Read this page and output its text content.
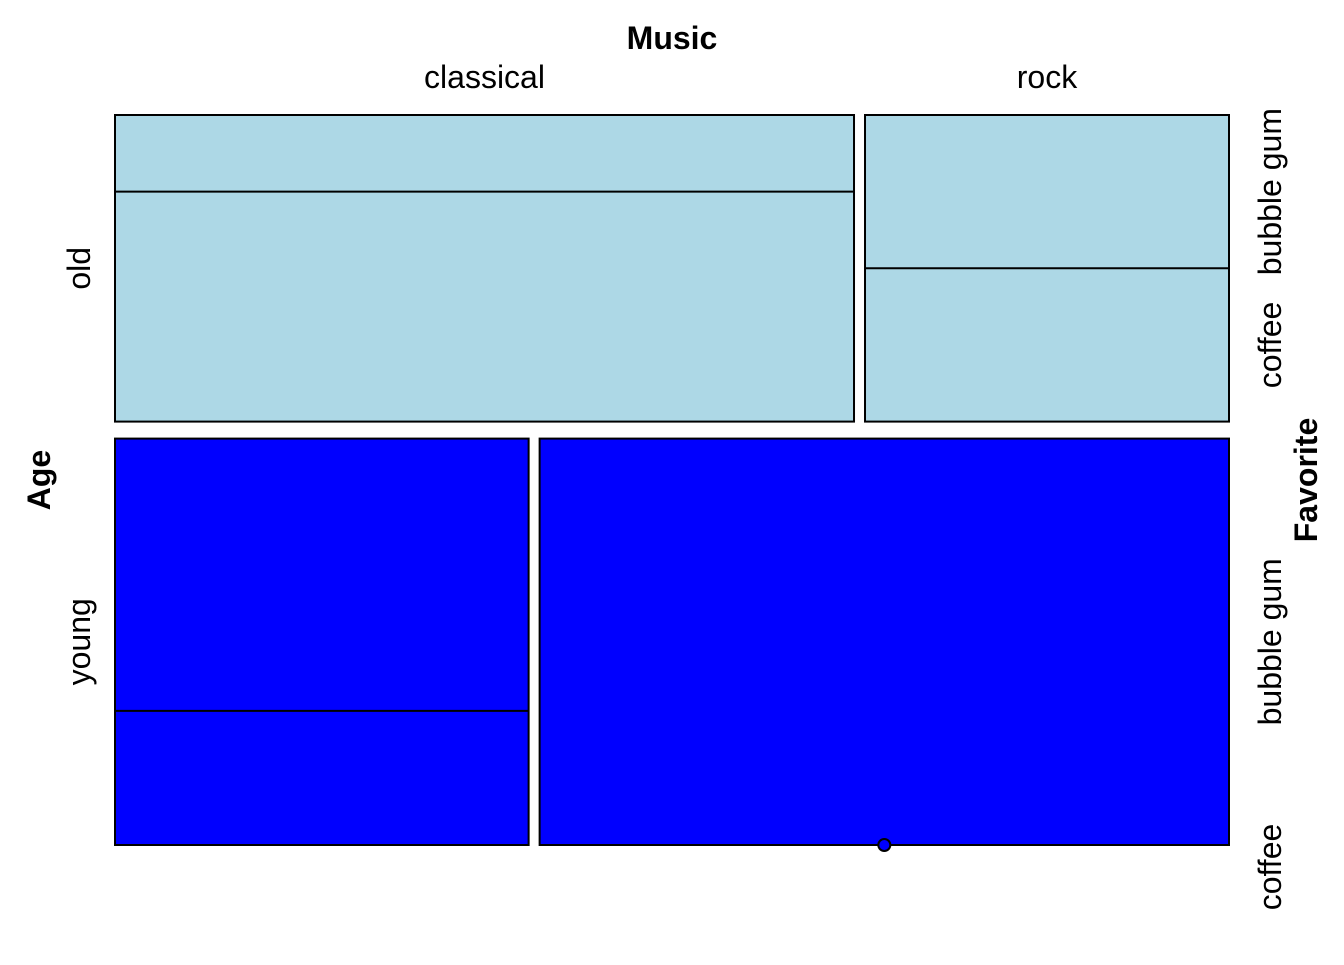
Music
Age	Favorite
old
coffee
bubble gum
young
coffee
bubble gum
classical	rock
